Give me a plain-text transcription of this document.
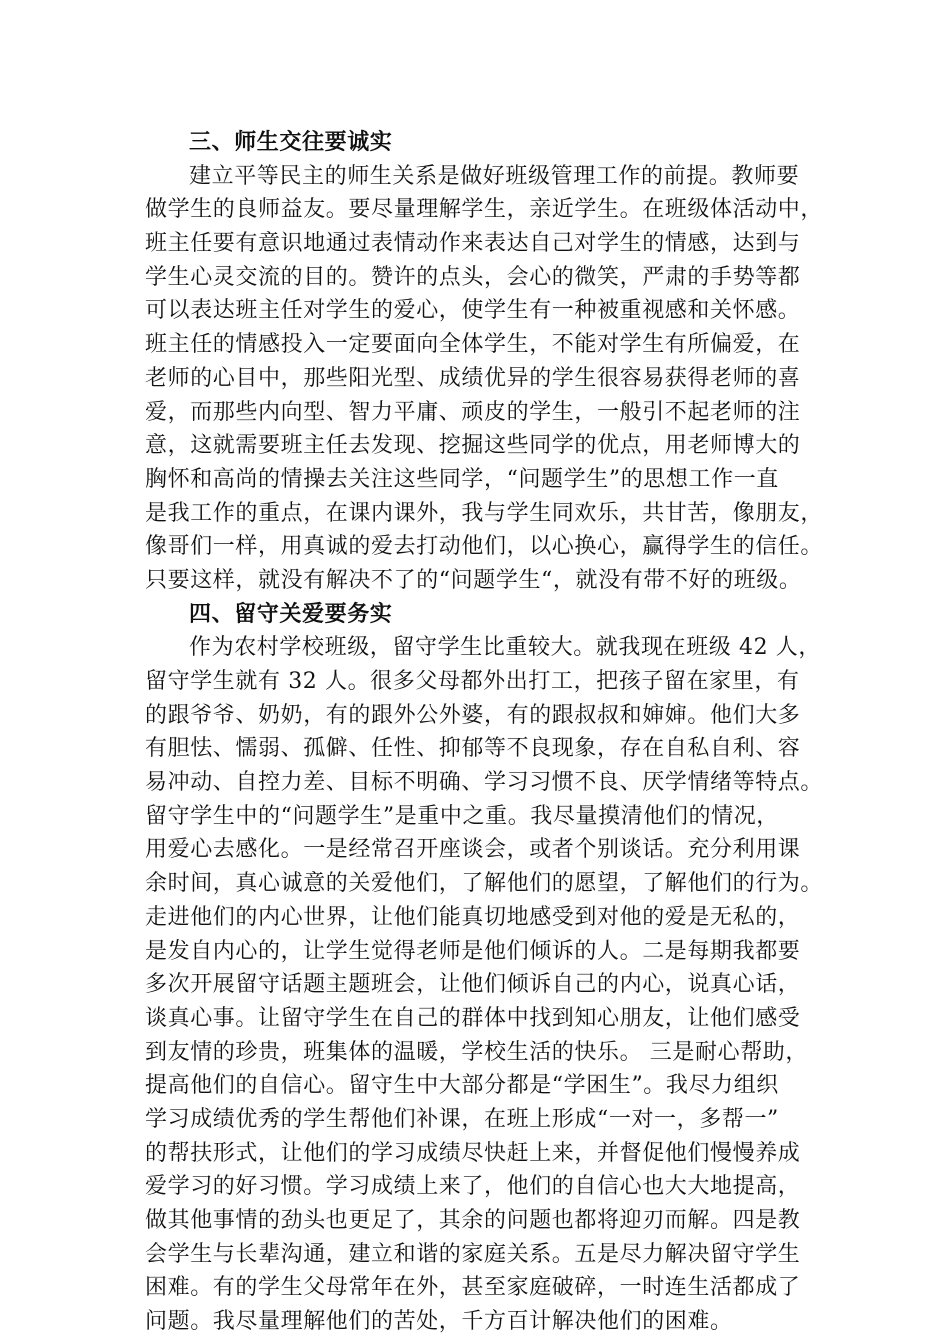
三、师生交往要诚实
建立平等民主的师生关系是做好班级管理工作的前提。教师要
做学生的良师益友。要尽量理解学生，亲近学生。在班级体活动中，
班主任要有意识地通过表情动作来表达自己对学生的情感，达到与
学生心灵交流的目的。赞许的点头，会心的微笑，严肃的手势等都
可以表达班主任对学生的爱心，使学生有一种被重视感和关怀感。
班主任的情感投入一定要面向全体学生，不能对学生有所偏爱，在
老师的心目中，那些阳光型、成绩优异的学生很容易获得老师的喜
爱，而那些内向型、智力平庸、顽皮的学生，一般引不起老师的注
意，这就需要班主任去发现、挖掘这些同学的优点，用老师博大的
胸怀和高尚的情操去关注这些同学，“问题学生”的思想工作一直
是我工作的重点，在课内课外，我与学生同欢乐，共甘苦，像朋友，
像哥们一样，用真诚的爱去打动他们，以心换心，赢得学生的信任。
只要这样，就没有解决不了的“问题学生“，就没有带不好的班级。
四、留守关爱要务实
作为农村学校班级，留守学生比重较大。就我现在班级 42 人，
留守学生就有 32 人。很多父母都外出打工，把孩子留在家里，有
的跟爷爷、奶奶，有的跟外公外婆，有的跟叔叔和婶婶。他们大多
有胆怯、懦弱、孤僻、任性、抑郁等不良现象，存在自私自利、容
易冲动、自控力差、目标不明确、学习习惯不良、厌学情绪等特点。
留守学生中的“问题学生”是重中之重。我尽量摸清他们的情况，
用爱心去感化。一是经常召开座谈会，或者个别谈话。充分利用课
余时间，真心诚意的关爱他们，了解他们的愿望，了解他们的行为。
走进他们的内心世界，让他们能真切地感受到对他的爱是无私的，
是发自内心的，让学生觉得老师是他们倾诉的人。二是每期我都要
多次开展留守话题主题班会，让他们倾诉自己的内心，说真心话，
谈真心事。让留守学生在自己的群体中找到知心朋友，让他们感受
到友情的珍贵，班集体的温暖，学校生活的快乐。 三是耐心帮助，
提高他们的自信心。留守生中大部分都是“学困生”。我尽力组织
学习成绩优秀的学生帮他们补课，在班上形成“一对一，多帮一”
的帮扶形式，让他们的学习成绩尽快赶上来，并督促他们慢慢养成
爱学习的好习惯。学习成绩上来了，他们的自信心也大大地提高，
做其他事情的劲头也更足了，其余的问题也都将迎刃而解。四是教
会学生与长辈沟通，建立和谐的家庭关系。五是尽力解决留守学生
困难。有的学生父母常年在外，甚至家庭破碎，一时连生活都成了
问题。我尽量理解他们的苦处，千方百计解决他们的困难。
